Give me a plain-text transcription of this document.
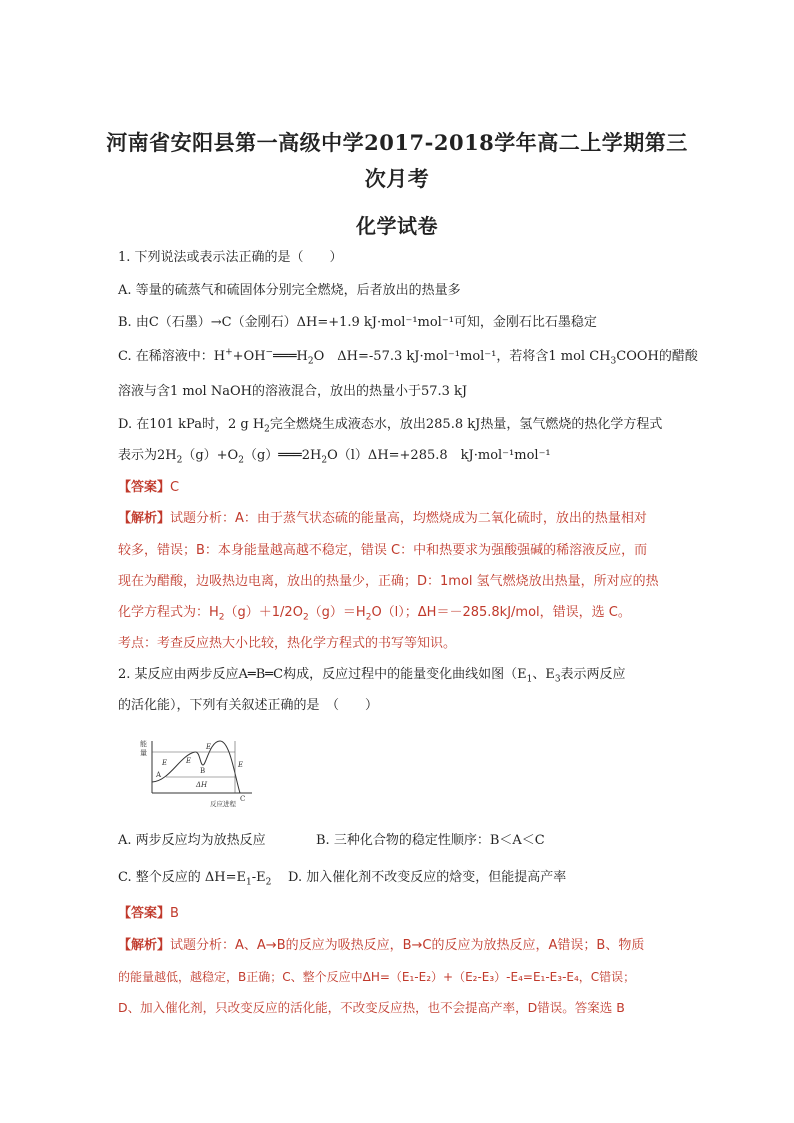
河南省安阳县第一高级中学2017-2018学年高二上学期第三
次月考
化学试卷
1. 下列说法或表示法正确的是（　　）
A. 等量的硫蒸气和硫固体分别完全燃烧，后者放出的热量多
B. 由C（石墨）→C（金刚石）ΔH=+1.9 kJ·mol⁻¹mol⁻¹可知，金刚石比石墨稳定
C. 在稀溶液中：$H^++OH^-═══H_2O$　ΔH=-57.3 kJ·mol⁻¹mol⁻¹，若将含1 mol $CH_3COOH$的醋酸
溶液与含1 mol NaOH的溶液混合，放出的热量小于57.3 kJ
D. 在101 kPa时，2 g $H_2$完全燃烧生成液态水，放出285.8 kJ热量，氢气燃烧的热化学方程式
表示为$2H_2(g)+O_2(g)═══2H_2O(l)\Delta H=+285.8$　kJ·mol⁻¹mol⁻¹
【答案】C
【解析】试题分析：A：由于蒸气状态硫的能量高，均燃烧成为二氧化硫时，放出的热量相对
较多，错误；B：本身能量越高越不稳定，错误 C：中和热要求为强酸强碱的稀溶液反应，而
现在为醋酸，边吸热边电离，放出的热量少，正确；D：1mol 氢气燃烧放出热量，所对应的热
化学方程式为：$H_2(g)+1/2O_2(g)=H_2O(l)$；ΔH＝－285.8kJ/mol，错误，选 C。
考点：考查反应热大小比较，热化学方程式的书写等知识。
2. 某反应由两步反应A═B═C构成，反应过程中的能量变化曲线如图（$E_1$、$E_3$表示两反应
的活化能），下列有关叙述正确的是　（　　）
能
量
A	B
C
E	E
E
E
ΔH
反应进程
A. 两步反应均为放热反应	B. 三种化合物的稳定性顺序：B＜A＜C
C. 整个反应的 $\Delta H=E_1-E_2$ D. 加入催化剂不改变反应的焓变，但能提高产率
【答案】B
【解析】试题分析：A、A→B的反应为吸热反应，B→C的反应为放热反应，A错误；B、物质
的能量越低，越稳定，B正确；C、整个反应中ΔH=（E₁-E₂）+（E₂-E₃）-E₄=E₁-E₃-E₄，C错误；
D、加入催化剂，只改变反应的活化能，不改变反应热，也不会提高产率，D错误。答案选 B
